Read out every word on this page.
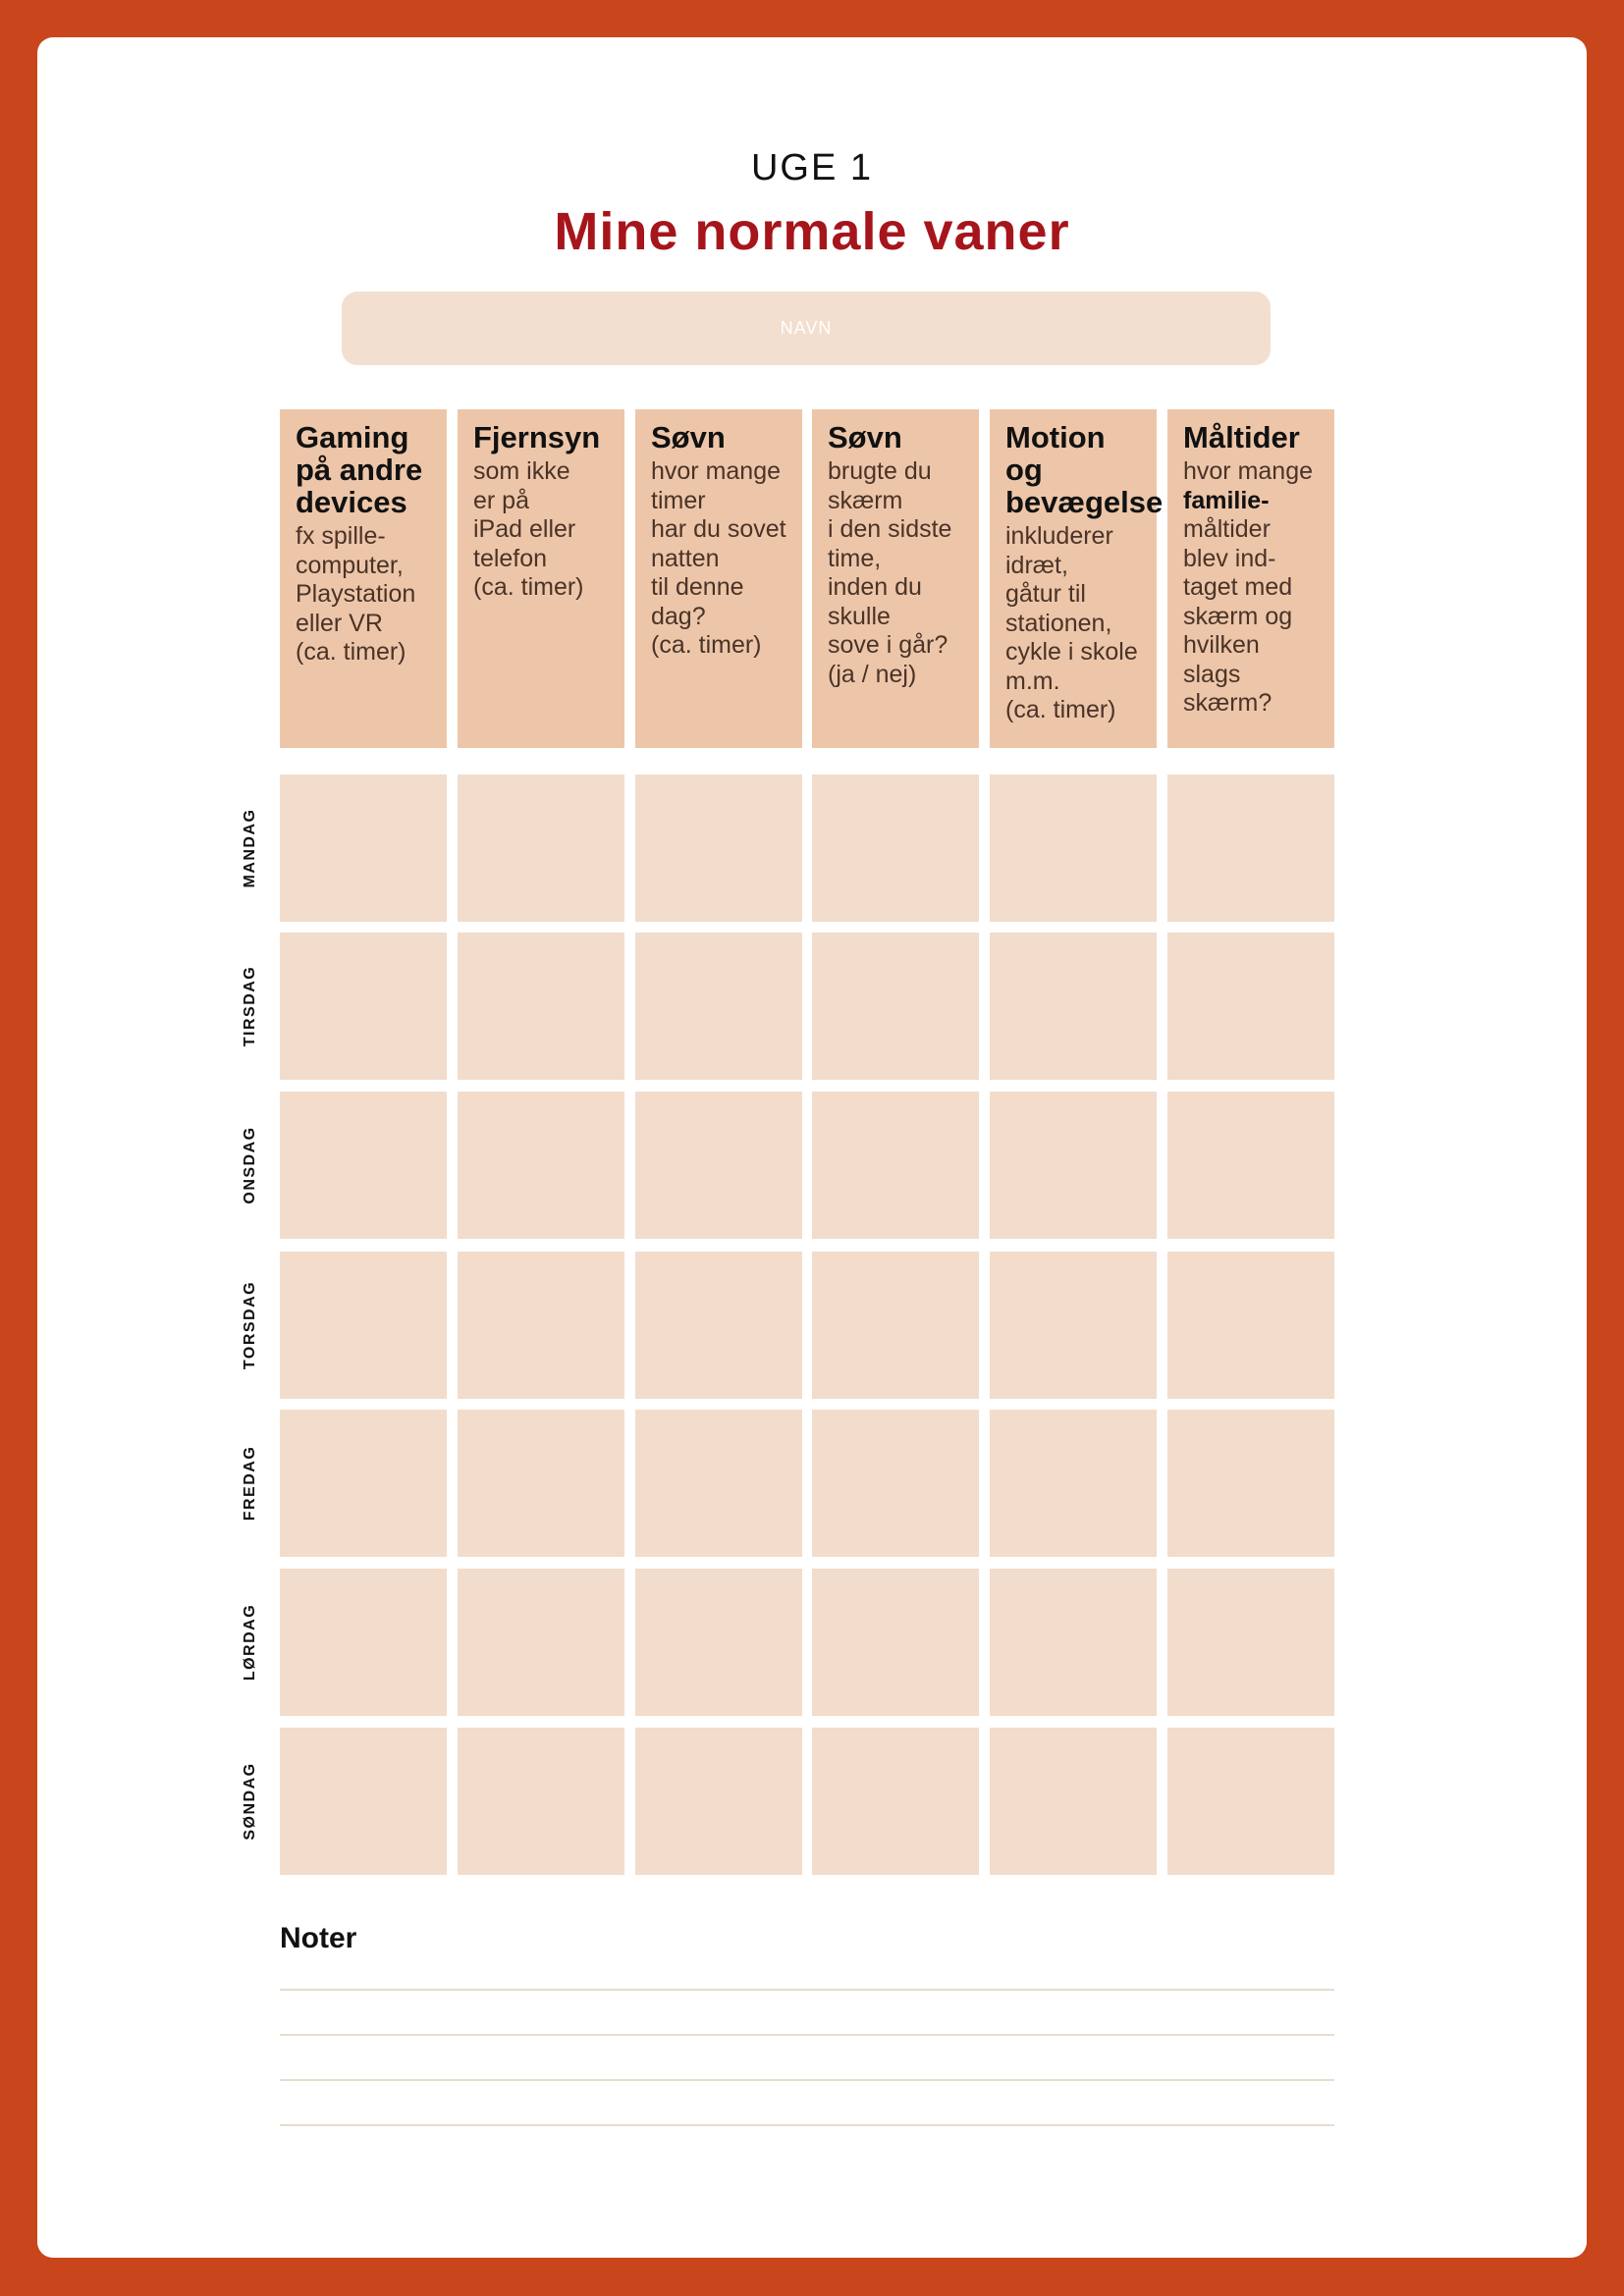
UGE 1
Mine normale vaner
NAVN
Gaming
på andre
devices
fx spille-
computer,
Playstation
eller VR
(ca. timer)
Fjernsyn
som ikke
er på
iPad eller
telefon
(ca. timer)
Søvn
hvor mange
timer
har du sovet
natten
til denne
dag?
(ca. timer)
Søvn
brugte du
skærm
i den sidste
time,
inden du
skulle
sove i går?
(ja / nej)
Motion
og
bevægelse
inkluderer
idræt,
gåtur til
stationen,
cykle i skole
m.m.
(ca. timer)
Måltider
hvor mange
familie-
måltider
blev ind-
taget med
skærm og
hvilken slags
skærm?
MANDAG
TIRSDAG
ONSDAG
TORSDAG
FREDAG
LØRDAG
SØNDAG
Noter
